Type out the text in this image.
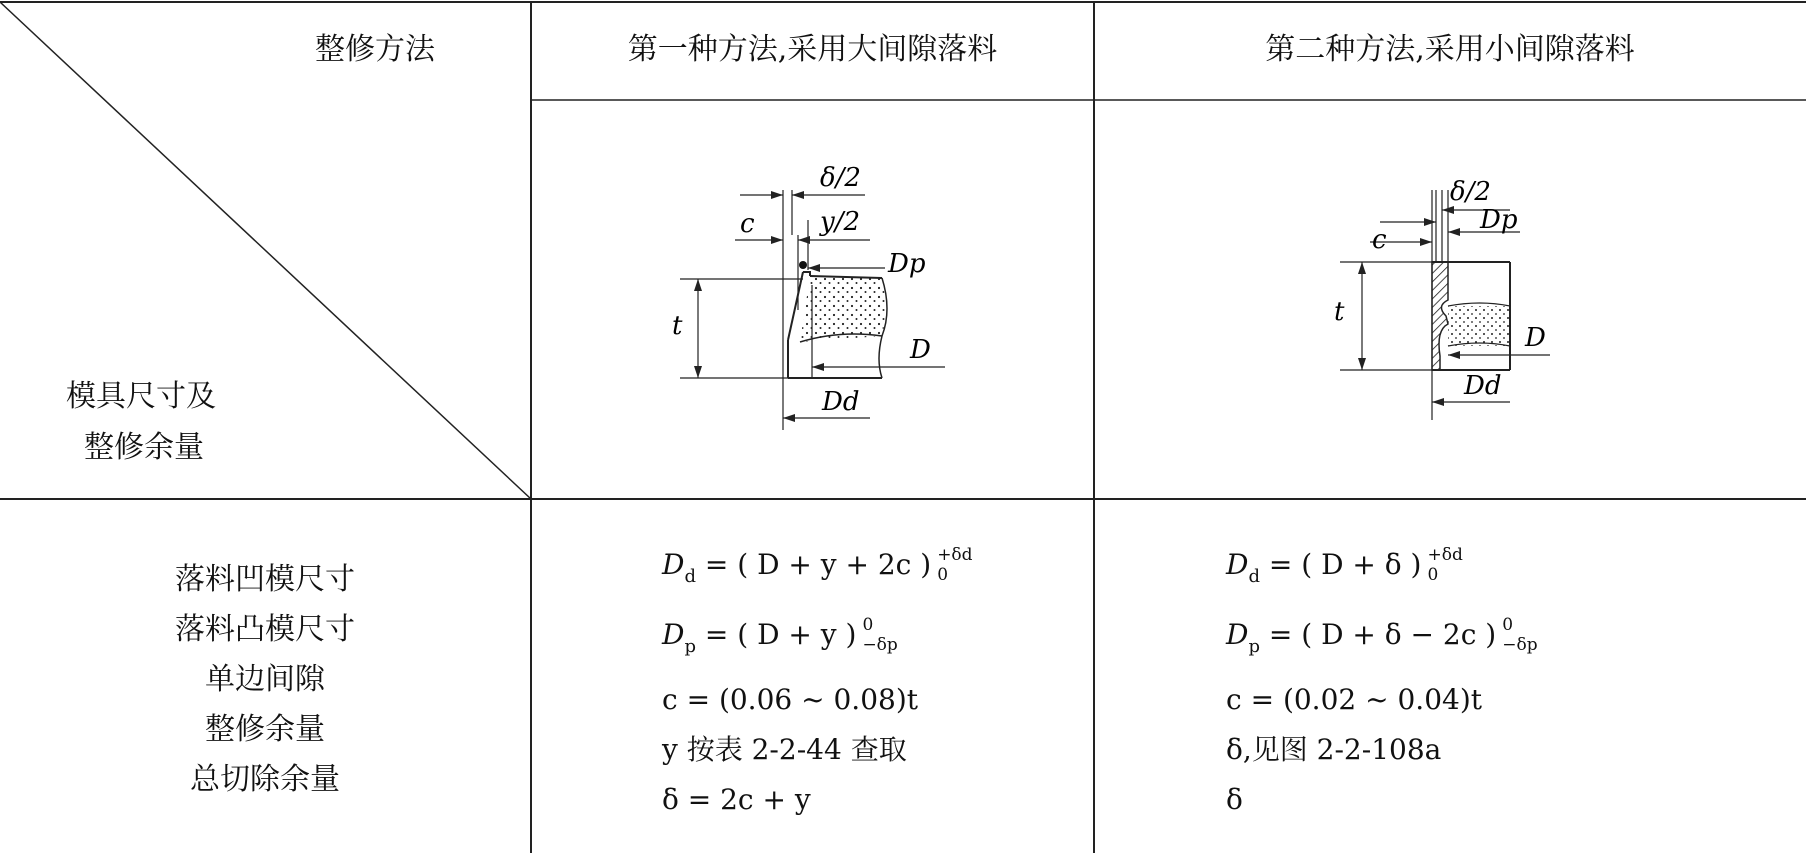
整修方法
模具尺寸及
整修余量
第一种方法,采用大间隙落料	第二种方法,采用小间隙落料
δ/2
c	y/2
Dp
t
D
Dd
δ/2
Dp
c
t
D
Dd
落料凹模尺寸
落料凸模尺寸
单边间隙
整修余量
总切除余量
$D_d$ = ( D + y + 2c ) +δd
0
$D_p$ = ( D + y ) 0
−δp
c = (0.06 ~ 0.08)t
y 按表 2-2-44 查取
δ = 2c + y
$D_d$ = ( D + δ ) +δd
0
$D_p$ = ( D + δ − 2c ) 0
−δp
c = (0.02 ~ 0.04)t
δ,见图 2-2-108a
δ
